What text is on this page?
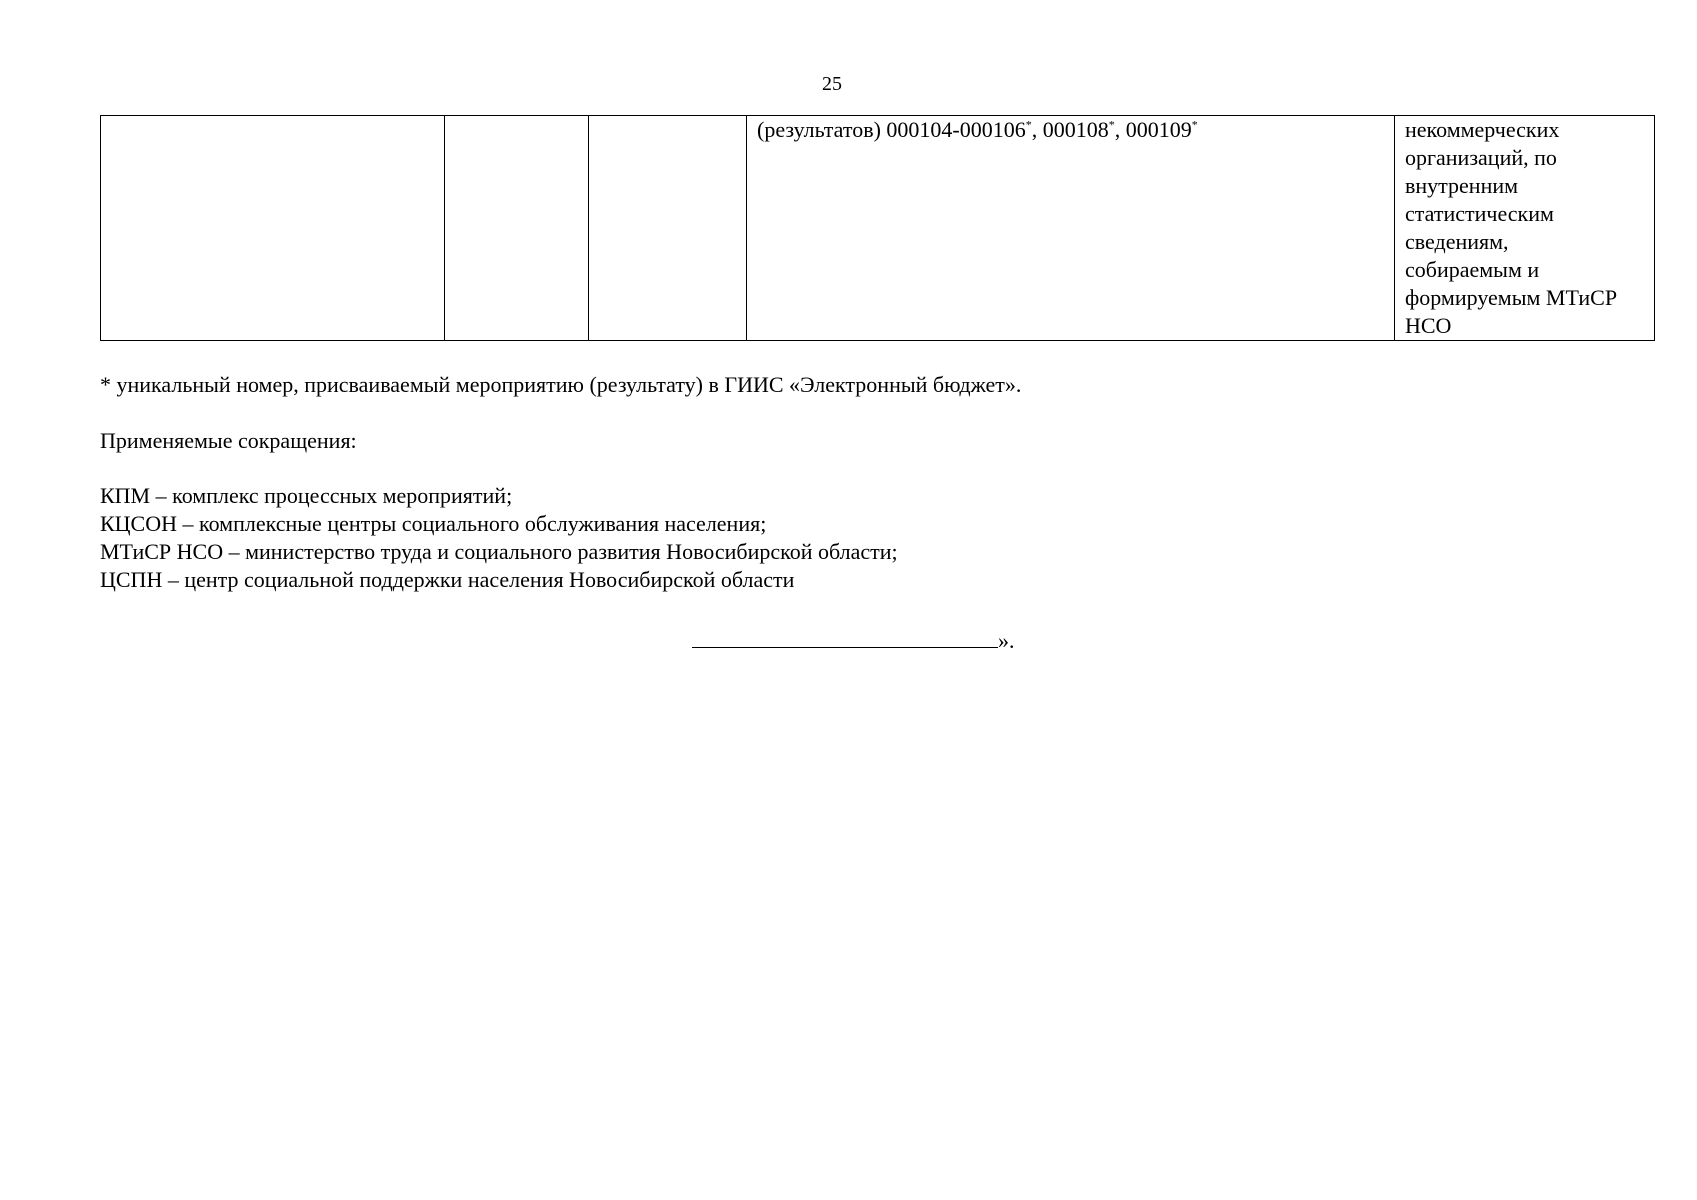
25
			(результатов) 000104-000106*, 000108*, 000109*	некоммерческих
организаций, по
внутренним
статистическим
сведениям,
собираемым и
формируемым МТиСР
НСО
* уникальный номер, присваиваемый мероприятию (результату) в ГИИС «Электронный бюджет».
Применяемые сокращения:
КПМ – комплекс процессных мероприятий;
КЦСОН – комплексные центры социального обслуживания населения;
МТиСР НСО – министерство труда и социального развития Новосибирской области;
ЦСПН – центр социальной поддержки населения Новосибирской области
».
